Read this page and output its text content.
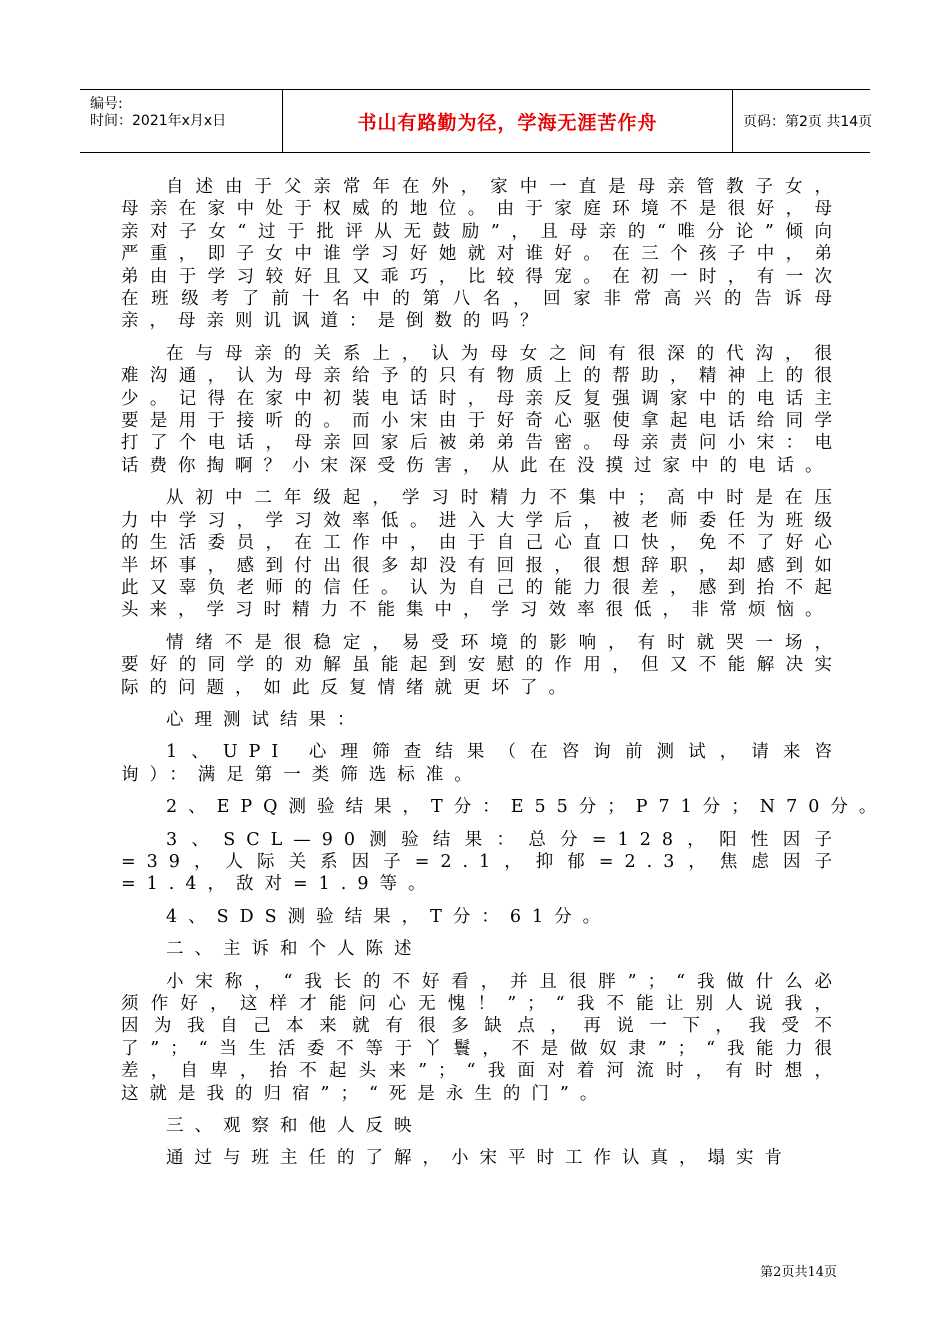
编号:
时间：2021年x月x日	书山有路勤为径，学海无涯苦作舟	页码：第2页 共14页

自述由于父亲常年在外，家中一直是母亲管教子女，母亲在家中处于权威的地位。由于家庭环境不是很好，母亲对子女“过于批评从无鼓励”，且母亲的“唯分论”倾向严重，即子女中谁学习好她就对谁好。在三个孩子中，弟弟由于学习较好且又乖巧，比较得宠。在初一时，有一次在班级考了前十名中的第八名，回家非常高兴的告诉母亲，母亲则讥讽道：是倒数的吗？

在与母亲的关系上，认为母女之间有很深的代沟，很难沟通，认为母亲给予的只有物质上的帮助，精神上的很少。记得在家中初装电话时，母亲反复强调家中的电话主要是用于接听的。而小宋由于好奇心驱使拿起电话给同学打了个电话，母亲回家后被弟弟告密。母亲责问小宋：电话费你掏啊？小宋深受伤害，从此在没摸过家中的电话。

从初中二年级起，学习时精力不集中；高中时是在压力中学习，学习效率低。进入大学后，被老师委任为班级的生活委员，在工作中，由于自己心直口快，免不了好心半坏事，感到付出很多却没有回报，很想辞职，却感到如此又辜负老师的信任。认为自己的能力很差，感到抬不起头来，学习时精力不能集中，学习效率很低，非常烦恼。

情绪不是很稳定，易受环境的影响，有时就哭一场，要好的同学的劝解虽能起到安慰的作用，但又不能解决实际的问题，如此反复情绪就更坏了。

心理测试结果：

1、UPI 心理筛查结果（在咨询前测试，请来咨询）：满足第一类筛选标准。

2、EPQ测验结果，T分：E55分；P71分；N70分。

3、SCL—90测验结果：总分=128，阳性因子=39，人际关系因子=2.1，抑郁=2.3，焦虑因子=1.4，敌对=1.9等。

4、SDS测验结果，T分：61分。

二、主诉和个人陈述

小宋称，“我长的不好看，并且很胖”；“我做什么必须作好，这样才能问心无愧！”；“我不能让别人说我，因为我自己本来就有很多缺点，再说一下，我受不了”；“当生活委不等于丫鬟，不是做奴隶”；“我能力很差，自卑，抬不起头来”；“我面对着河流时，有时想，这就是我的归宿”；“死是永生的门”。

三、观察和他人反映

通过与班主任的了解，小宋平时工作认真，塌实肯

第2页共14页
